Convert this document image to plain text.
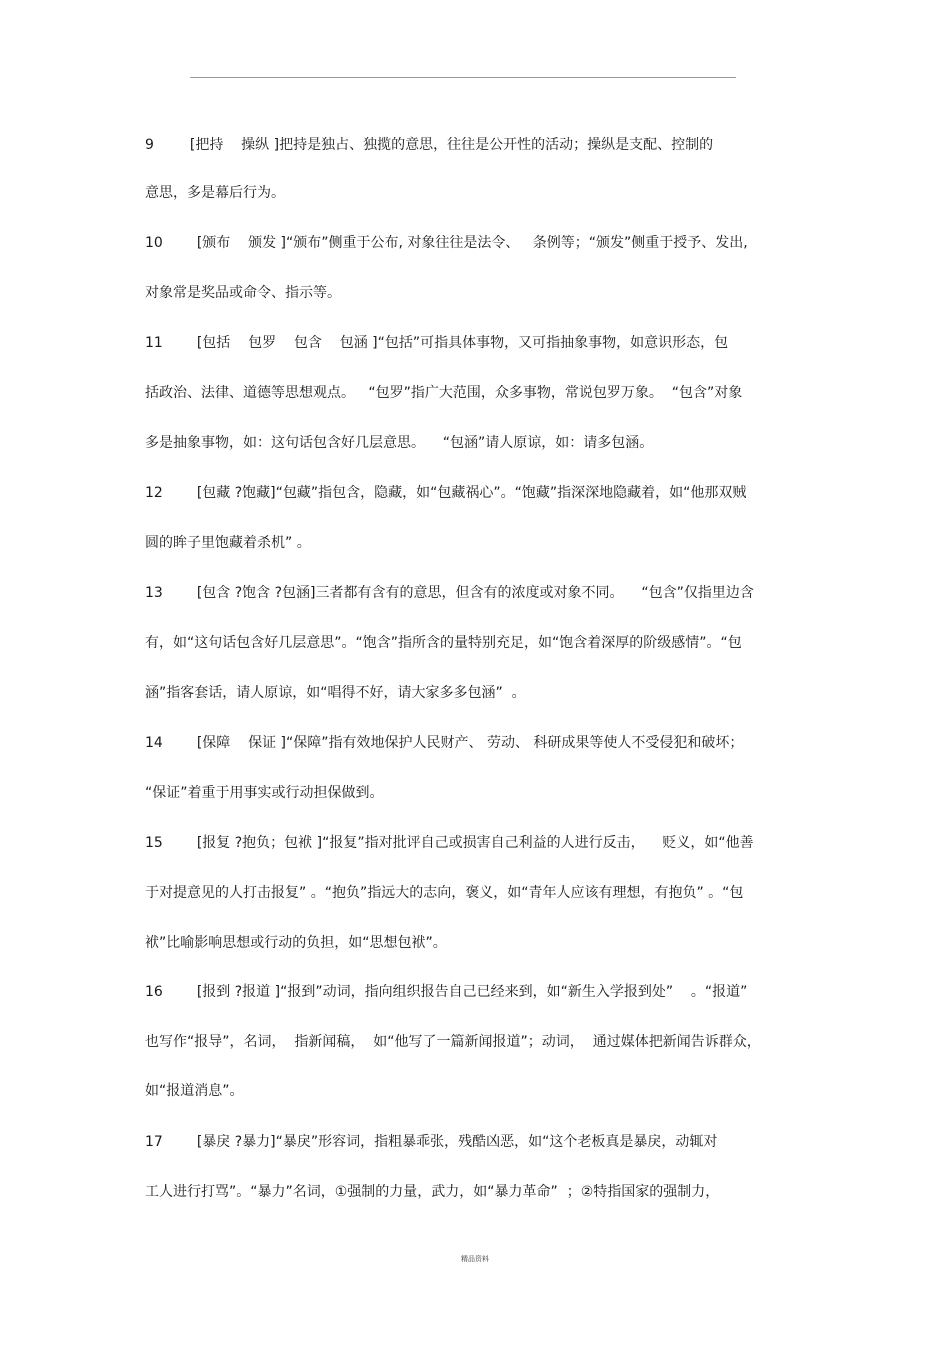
9	[把持    操纵 ]把持是独占、独揽的意思，往往是公开性的活动；操纵是支配、控制的
意思，多是幕后行为。
10 [颁布    颁发 ]“颁布”侧重于公布, 对象往往是法令、   条例等；“颁发”侧重于授予、发出,
对象常是奖品或命令、指示等。
11 [包括    包罗    包含    包涵 ]“包括”可指具体事物，又可指抽象事物，如意识形态，包
括政治、法律、道德等思想观点。   “包罗”指广大范围，众多事物，常说包罗万象。  “包含”对象
多是抽象事物，如：这句话包含好几层意思。    “包涵”请人原谅，如：请多包涵。
12 [包藏 ?饱藏]“包藏”指包含，隐藏，如“包藏祸心”。“饱藏”指深深地隐藏着，如“他那双贼
圆的眸子里饱藏着杀机” 。
13 [包含 ?饱含 ?包涵]三者都有含有的意思，但含有的浓度或对象不同。    “包含”仅指里边含
有，如“这句话包含好几层意思”。“饱含”指所含的量特别充足，如“饱含着深厚的阶级感情”。“包
涵”指客套话，请人原谅，如“唱得不好，请大家多多包涵”  。
14 [保障    保证 ]“保障”指有效地保护人民财产、 劳动、 科研成果等使人不受侵犯和破坏；
“保证”着重于用事实或行动担保做到。
15 [报复 ?抱负；包袱 ]“报复”指对批评自己或损害自己利益的人进行反击，    贬义，如“他善
于对提意见的人打击报复” 。“抱负”指远大的志向，褒义，如“青年人应该有理想，有抱负” 。“包
袱”比喻影响思想或行动的负担，如“思想包袱”。
16 [报到 ?报道 ]“报到”动词，指向组织报告自己已经来到，如“新生入学报到处”    。“报道”
也写作“报导”，名词，  指新闻稿，  如“他写了一篇新闻报道”；动词，  通过媒体把新闻告诉群众，
如“报道消息”。
17 [暴戾 ?暴力]“暴戾”形容词，指粗暴乖张，残酷凶恶，如“这个老板真是暴戾，动辄对
工人进行打骂”。“暴力”名词，①强制的力量，武力，如“暴力革命”  ；②特指国家的强制力，
精品资料
